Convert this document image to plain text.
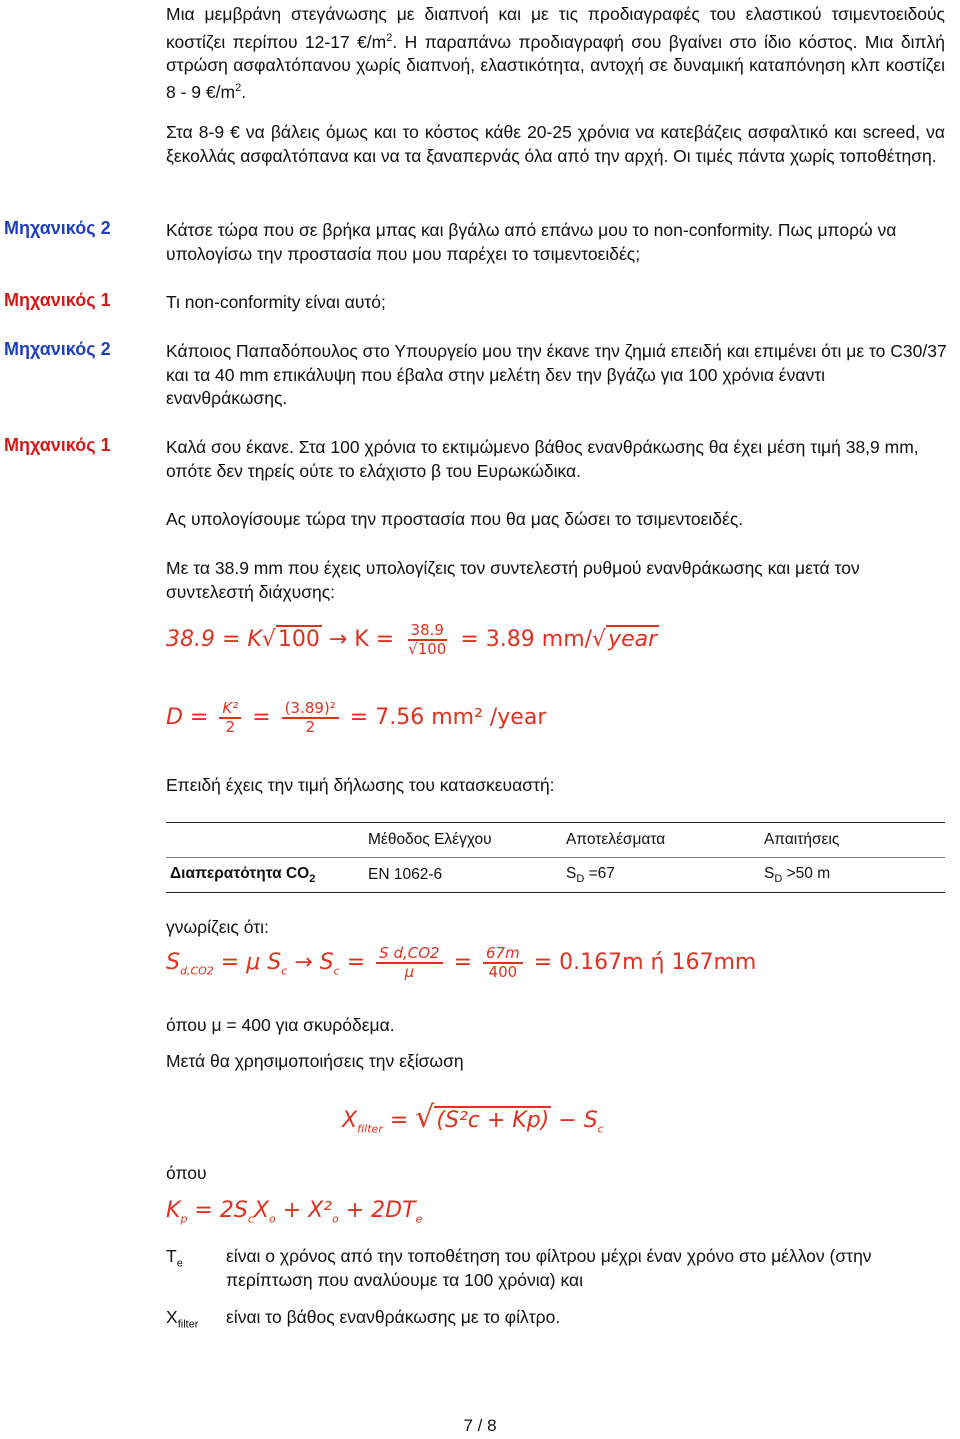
Μια μεμβράνη στεγάνωσης με διαπνοή και με τις προδιαγραφές του ελαστικού τσιμεντοειδούς κοστίζει περίπου 12-17 $€/m^2$. Η παραπάνω προδιαγραφή σου βγαίνει στο ίδιο κόστος. Μια διπλή στρώση ασφαλτόπανου χωρίς διαπνοή, ελαστικότητα, αντοχή σε δυναμική καταπόνηση κλπ κοστίζει 8 - 9 $€/m^2$.

Στα 8-9 € να βάλεις όμως και το κόστος κάθε 20-25 χρόνια να κατεβάζεις ασφαλτικό και screed, να ξεκολλάς ασφαλτόπανα και να τα ξαναπερνάς όλα από την αρχή. Οι τιμές πάντα χωρίς τοποθέτηση.

Μηχανικός 2	Κάτσε τώρα που σε βρήκα μπας και βγάλω από επάνω μου το non-conformity. Πως μπορώ να υπολογίσω την προστασία που μου παρέχει το τσιμεντοειδές;

Μηχανικός 1	Τι non-conformity είναι αυτό;

Μηχανικός 2	Κάποιος Παπαδόπουλος στο Υπουργείο μου την έκανε την ζημιά επειδή και επιμένει ότι με το C30/37 και τα 40 mm επικάλυψη που έβαλα στην μελέτη δεν την βγάζω για 100 χρόνια έναντι ενανθράκωσης.

Μηχανικός 1	Καλά σου έκανε. Στα 100 χρόνια το εκτιμώμενο βάθος ενανθράκωσης θα έχει μέση τιμή 38,9 mm, οπότε δεν τηρείς ούτε το ελάχιστο β του Ευρωκώδικα.

Ας υπολογίσουμε τώρα την προστασία που θα μας δώσει το τσιμεντοειδές.

Με τα 38.9 mm που έχεις υπολογίζεις τον συντελεστή ρυθμού ενανθράκωσης και μετά τον συντελεστή διάχυσης:

$38.9 = K√100 \to K = \frac{38.9}{√100} = 3.89$ mm/√year
$D = \frac{\text{K²}}{2} = \frac{\text{(3.89)²}}{2} = 7.56$ mm² /year

Επειδή έχεις την τιμή δήλωσης του κατασκευαστή:

	Μέθοδος Ελέγχου	Αποτελέσματα	Απαιτήσεις
Διαπερατότητα $CO_2$	EN 1062-6	$S_D =67$	$S_D >50$ m

γνωρίζεις ότι:

$S_{d,CO2} = \mu$ $S_c \to S_c = \frac{\text{S d,CO2}}{\mu} = \frac{67m}{400} = 0.167m$ ή 167mm

όπου μ = 400 για σκυρόδεμα.

Μετά θα χρησιμοποιήσεις την εξίσωση

$X_{filter} = √(S^2c + Kp) - S_c$

όπου

$K_p = 2S_cX_o + X^2_o + 2DT_e$
$T_e$ είναι ο χρόνος από την τοποθέτηση του φίλτρου μέχρι έναν χρόνο στο μέλλον (στην περίπτωση που αναλύουμε τα 100 χρόνια) και

$X_{filter}$ είναι το βάθος ενανθράκωσης με το φίλτρο.

7 / 8
